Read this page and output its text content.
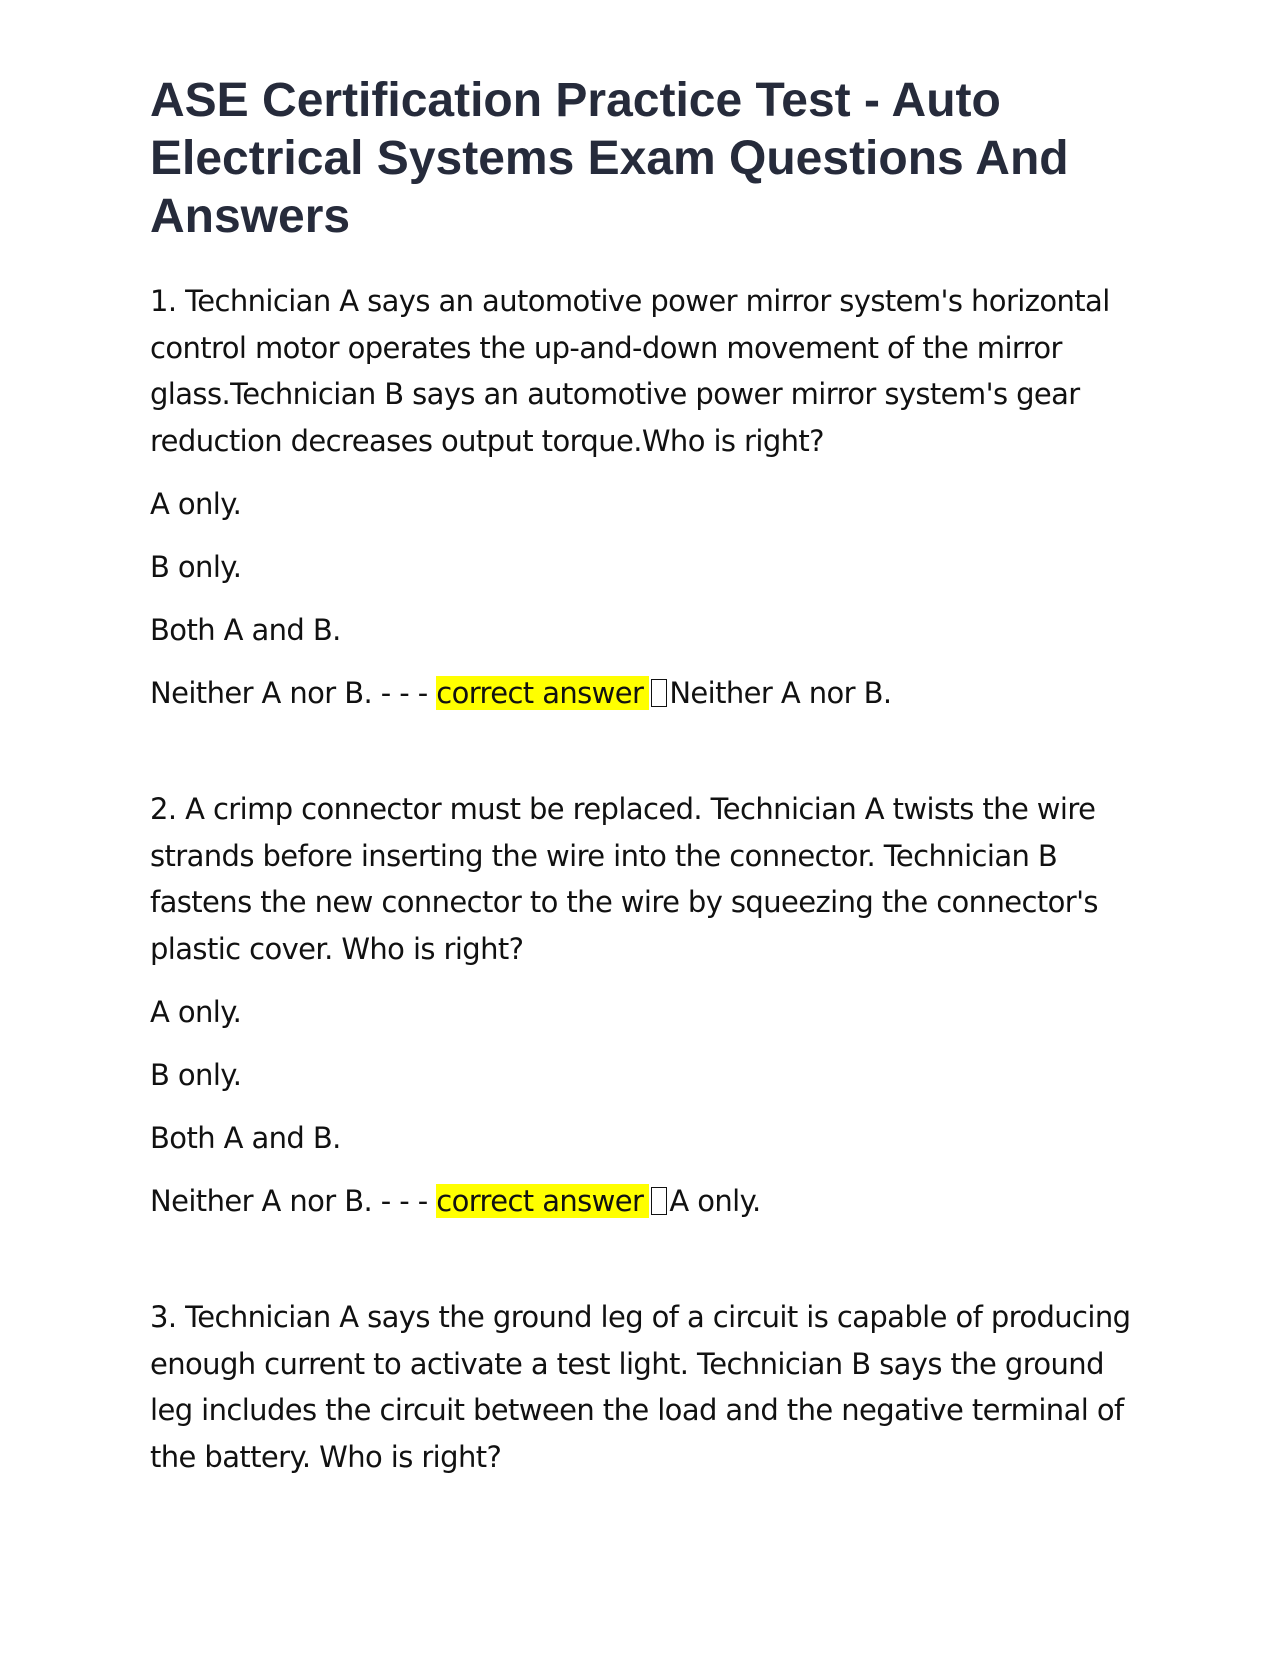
ASE Certification Practice Test - Auto Electrical Systems Exam Questions And Answers

1. Technician A says an automotive power mirror system's horizontal control motor operates the up-and-down movement of the mirror glass.Technician B says an automotive power mirror system's gear reduction decreases output torque.Who is right?

A only.

B only.

Both A and B.

Neither A nor B. - - - correct answer Neither A nor B.

2. A crimp connector must be replaced. Technician A twists the wire strands before inserting the wire into the connector. Technician B fastens the new connector to the wire by squeezing the connector's plastic cover. Who is right?

A only.

B only.

Both A and B.

Neither A nor B. - - - correct answer A only.

3. Technician A says the ground leg of a circuit is capable of producing enough current to activate a test light. Technician B says the ground leg includes the circuit between the load and the negative terminal of the battery. Who is right?
